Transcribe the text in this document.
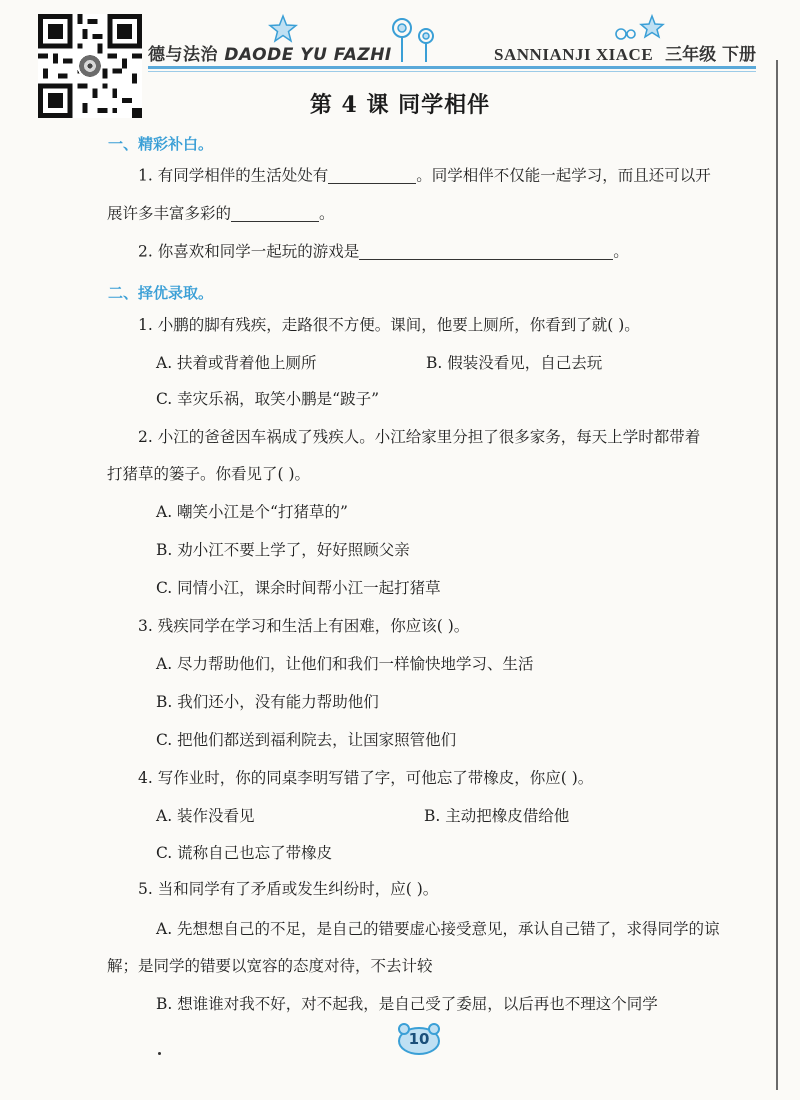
德与法治 DAODE YU FAZHI	SANNIANJI XIACE 三年级 下册
第 4 课 同学相伴
一、精彩补白。
1. 有同学相伴的生活处处有	。同学相伴不仅能一起学习，而且还可以开
展许多丰富多彩的	。
2. 你喜欢和同学一起玩的游戏是	。
二、择优录取。
1. 小鹏的脚有残疾，走路很不方便。课间，他要上厕所，你看到了就( )。
A. 扶着或背着他上厕所	B. 假装没看见，自己去玩
C. 幸灾乐祸，取笑小鹏是“跛子”
2. 小江的爸爸因车祸成了残疾人。小江给家里分担了很多家务，每天上学时都带着
打猪草的篓子。你看见了( )。
A. 嘲笑小江是个“打猪草的”
B. 劝小江不要上学了，好好照顾父亲
C. 同情小江，课余时间帮小江一起打猪草
3. 残疾同学在学习和生活上有困难，你应该( )。
A. 尽力帮助他们，让他们和我们一样愉快地学习、生活
B. 我们还小，没有能力帮助他们
C. 把他们都送到福利院去，让国家照管他们
4. 写作业时，你的同桌李明写错了字，可他忘了带橡皮，你应( )。
A. 装作没看见	B. 主动把橡皮借给他
C. 谎称自己也忘了带橡皮
5. 当和同学有了矛盾或发生纠纷时，应( )。
A. 先想想自己的不足，是自己的错要虚心接受意见，承认自己错了，求得同学的谅
解；是同学的错要以宽容的态度对待，不去计较
B. 想谁谁对我不好，对不起我，是自己受了委屈，以后再也不理这个同学
10
